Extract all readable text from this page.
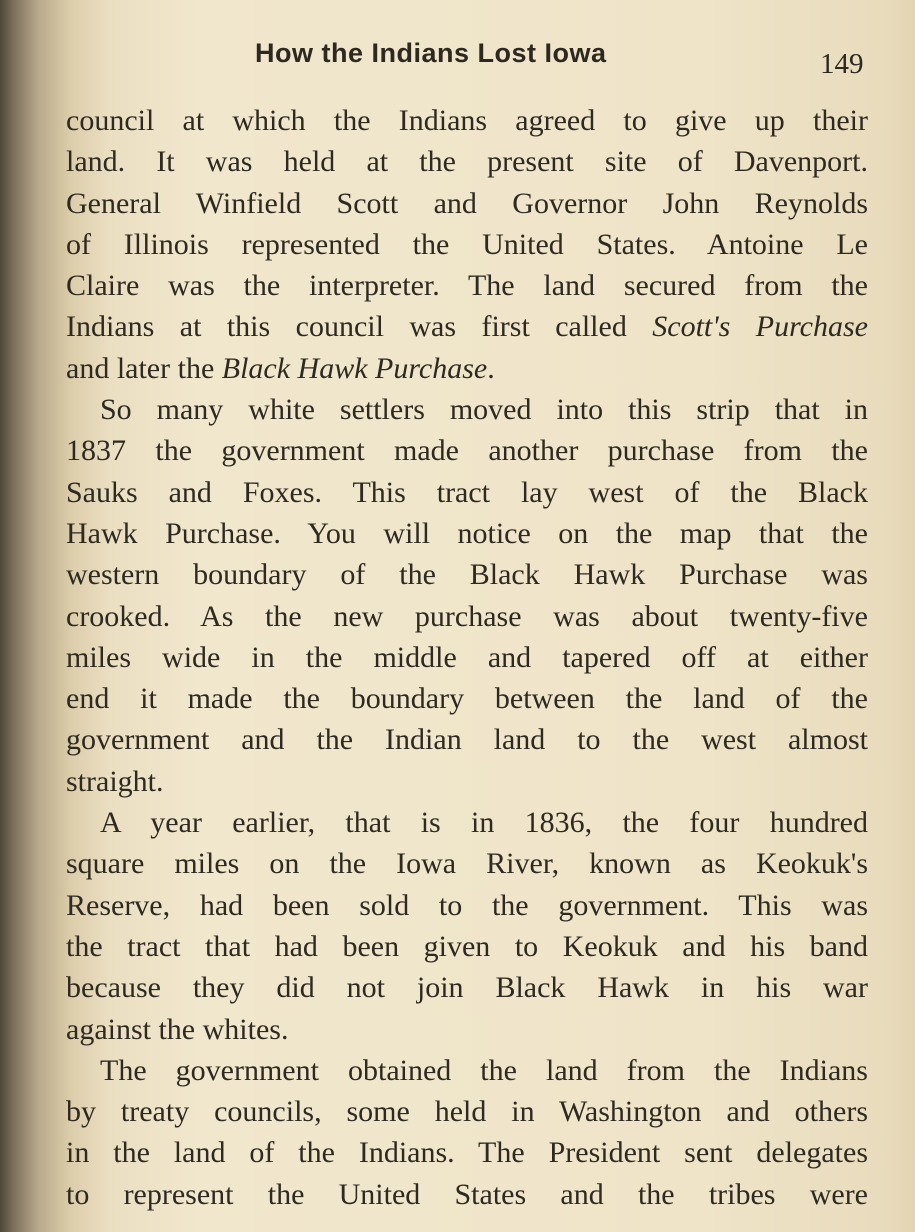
How the Indians Lost Iowa	149
council at which the Indians agreed to give up their
land. It was held at the present site of Davenport.
General Winfield Scott and Governor John Reynolds
of Illinois represented the United States. Antoine Le
Claire was the interpreter. The land secured from the
Indians at this council was first called Scott's Purchase
and later the Black Hawk Purchase.
So many white settlers moved into this strip that in
1837 the government made another purchase from the
Sauks and Foxes. This tract lay west of the Black
Hawk Purchase. You will notice on the map that the
western boundary of the Black Hawk Purchase was
crooked. As the new purchase was about twenty-five
miles wide in the middle and tapered off at either
end it made the boundary between the land of the
government and the Indian land to the west almost
straight.
A year earlier, that is in 1836, the four hundred
square miles on the Iowa River, known as Keokuk's
Reserve, had been sold to the government. This was
the tract that had been given to Keokuk and his band
because they did not join Black Hawk in his war
against the whites.
The government obtained the land from the Indians
by treaty councils, some held in Washington and others
in the land of the Indians. The President sent delegates
to represent the United States and the tribes were
